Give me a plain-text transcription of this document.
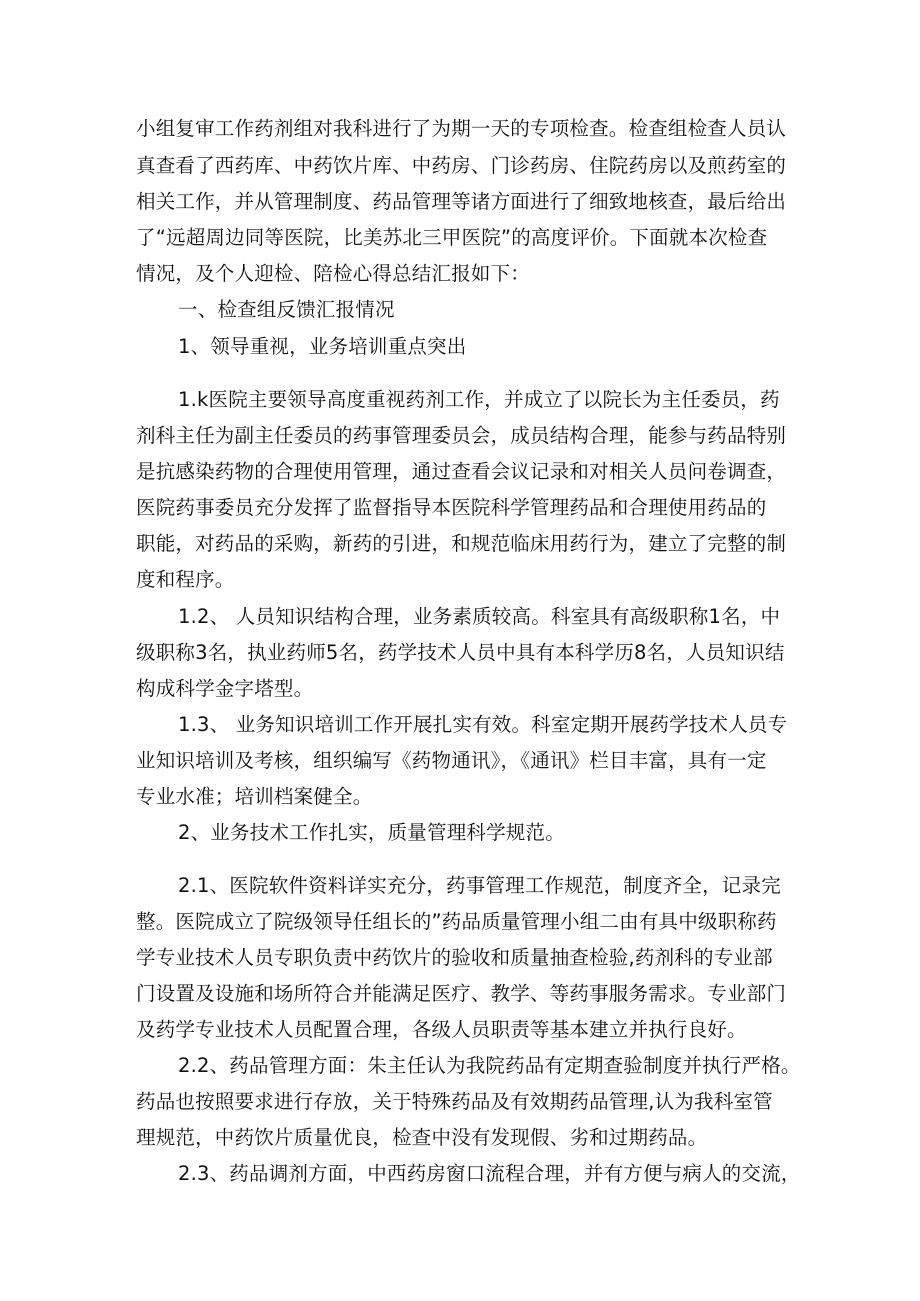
小组复审工作药剂组对我科进行了为期一天的专项检查。检查组检查人员认
真查看了西药库、中药饮片库、中药房、门诊药房、住院药房以及煎药室的
相关工作，并从管理制度、药品管理等诸方面进行了细致地核查，最后给出
了“远超周边同等医院，比美苏北三甲医院”的高度评价。下面就本次检查
情况，及个人迎检、陪检心得总结汇报如下：
一、检查组反馈汇报情况
1、领导重视，业务培训重点突出
1.k医院主要领导高度重视药剂工作，并成立了以院长为主任委员，药
剂科主任为副主任委员的药事管理委员会，成员结构合理，能参与药品特别
是抗感染药物的合理使用管理，通过查看会议记录和对相关人员问卷调查，
医院药事委员充分发挥了监督指导本医院科学管理药品和合理使用药品的
职能，对药品的采购，新药的引进，和规范临床用药行为，建立了完整的制
度和程序。
1.2、 人员知识结构合理，业务素质较高。科室具有高级职称1名，中
级职称3名，执业药师5名，药学技术人员中具有本科学历8名，人员知识结
构成科学金字塔型。
1.3、 业务知识培训工作开展扎实有效。科室定期开展药学技术人员专
业知识培训及考核，组织编写《药物通讯》，《通讯》栏目丰富，具有一定
专业水准；培训档案健全。
2、业务技术工作扎实，质量管理科学规范。
2.1、医院软件资料详实充分，药事管理工作规范，制度齐全，记录完
整。医院成立了院级领导任组长的”药品质量管理小组二由有具中级职称药
学专业技术人员专职负责中药饮片的验收和质量抽查检验,药剂科的专业部
门设置及设施和场所符合并能满足医疗、教学、等药事服务需求。专业部门
及药学专业技术人员配置合理，各级人员职责等基本建立并执行良好。
2.2、药品管理方面：朱主任认为我院药品有定期查验制度并执行严格。
药品也按照要求进行存放，关于特殊药品及有效期药品管理,认为我科室管
理规范，中药饮片质量优良，检查中没有发现假、劣和过期药品。
2.3、药品调剂方面，中西药房窗口流程合理，并有方便与病人的交流，
